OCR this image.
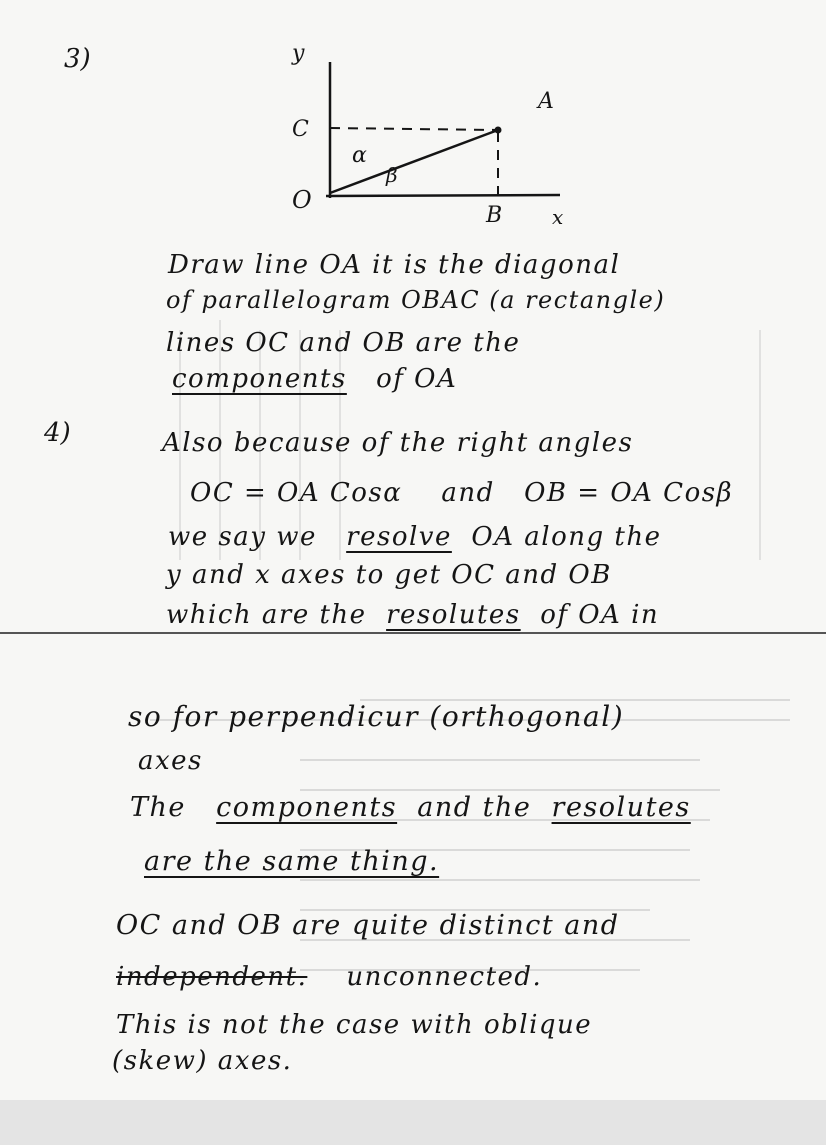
3)
4)
y
x
O
A
B
C
α
β
Draw line OA it is the diagonal
of parallelogram OBAC (a rectangle)
lines OC and OB are the
components of OA
Also because of the right angles
OC = OA Cosα and OB = OA Cosβ
we say we resolve OA along the
y and x axes to get OC and OB
which are the resolutes of OA in
so for perpendicur (orthogonal)
axes
The components and the resolutes
are the same thing.
OC and OB are quite distinct and
independent. unconnected.
This is not the case with oblique
(skew) axes.
